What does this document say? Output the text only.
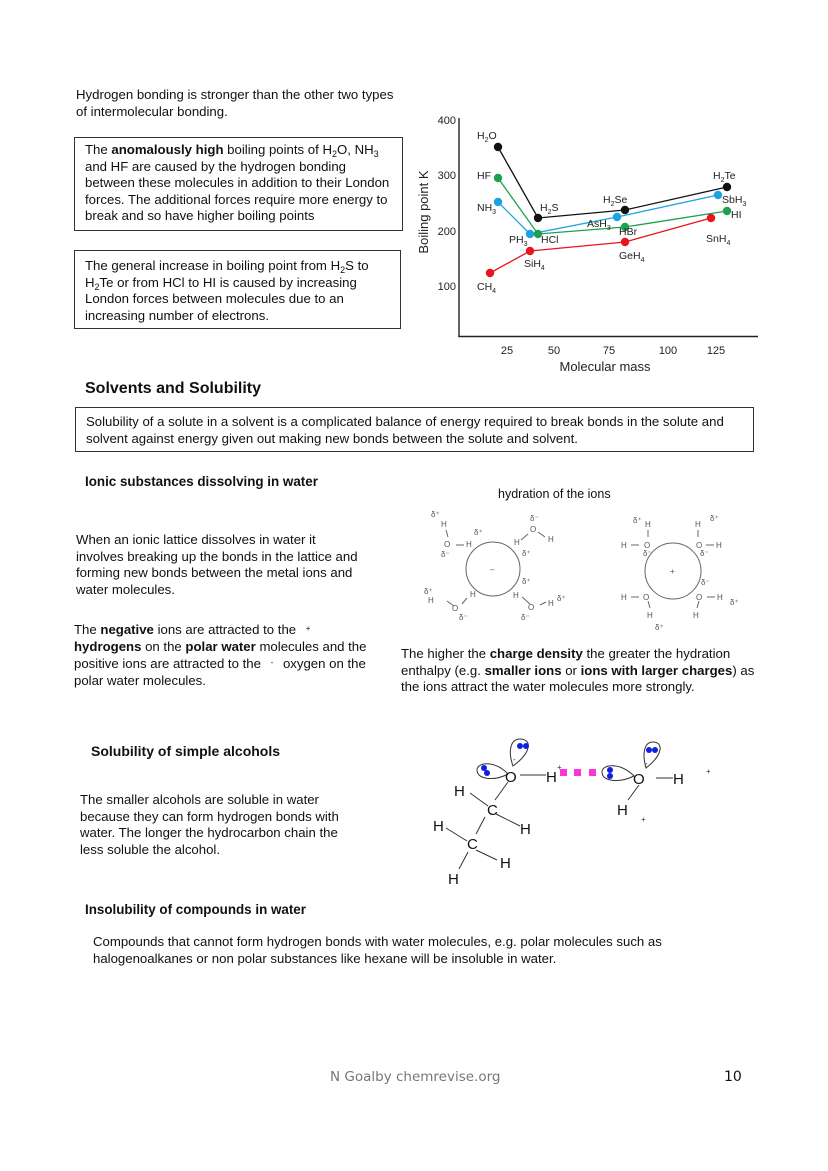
Hydrogen bonding is stronger than the other two types of intermolecular bonding.
The anomalously high boiling points of $H_2O$, $NH_3$ and HF are caused by the hydrogen bonding between these molecules in addition to their London forces. The additional forces require more energy to break and so have higher boiling points
The general increase in boiling point from $H_2S$ to $H_2Te$ or from HCl to HI is caused by increasing London forces between molecules due to an increasing number of electrons.
400
300
200
100
25	50	75	100	125
Molecular mass
Boiling point K
$H_2O$
HF
$NH_3$
$CH_4$
$H_2S$
$PH_3$ HCl
SiH$_4$
$H_2Se$
AsH$_3$ HBr
GeH$_4$
$H_2Te$
SbH$_3$
HI
SnH$_4$
Solvents and Solubility
Solubility of a solute in a solvent is a complicated balance of energy required to break bonds in the solute and solvent against energy given out making new bonds between the solute and solvent.
Ionic substances dissolving in water
When an ionic lattice dissolves in water it involves breaking up the bonds in the lattice and forming new bonds between the metal ions and water molecules.
The negative ions are attracted to the +
hydrogens on the polar water molecules and the positive ions are attracted to the - oxygen on the polar water molecules.
hydration of the ions
δ⁺
H
O H
δ⁺
δ⁻
δ⁻
O
H	H
δ⁺
–
δ⁺
δ⁺
H
H
O
δ⁻
H
O H
δ⁺
δ⁻
δ⁺ H
H O
δ⁻
H
δ⁺
O H
δ⁻
+
δ⁻
H O
H
O H
δ⁺
H
δ⁺
The higher the charge density the greater the hydration enthalpy (e.g. smaller ions or ions with larger charges) as the ions attract the water molecules more strongly.
Solubility of simple alcohols
The smaller alcohols are soluble in water because they can form hydrogen bonds with water. The longer the hydrocarbon chain the less soluble the alcohol.
O H
H
C
H
H
C
H
H
O H
H
+	+
+
-	-
Insolubility of compounds in water
Compounds that cannot form hydrogen bonds with water molecules, e.g. polar molecules such as halogenoalkanes or non polar substances like hexane will be insoluble in water.
N Goalby chemrevise.org	10
